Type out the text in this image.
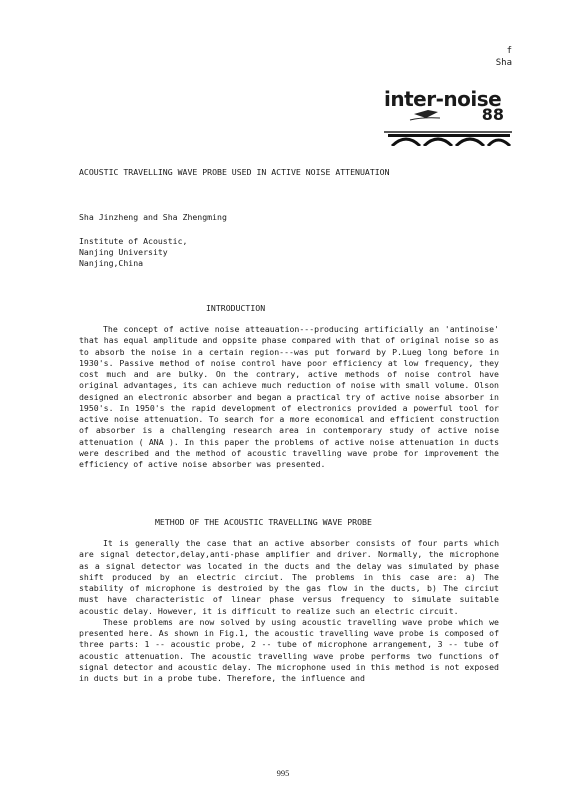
f
Sha
inter-noise
88
ACOUSTIC TRAVELLING WAVE PROBE USED IN ACTIVE NOISE ATTENUATION
Sha Jinzheng and Sha Zhengming
Institute of Acoustic,
Nanjing University
Nanjing,China
INTRODUCTION

The concept of active noise atteauation---producing artificially an 'antinoise' that has equal amplitude and oppsite phase compared with that of original noise so as to absorb the noise in a certain region---was put forward by P.Lueg long before in 1930's. Passive method of noise control have poor efficiency at low frequency, they cost much and are bulky. On the contrary, active methods of noise control have original advantages, its can achieve much reduction of noise with small volume. Olson designed an electronic absorber and began a practical try of active noise absorber in 1950's. In 1950's the rapid development of electronics provided a powerful tool for active noise attenuation. To search for a more economical and efficient construction of absorber is a challenging research area in contemporary study of active noise attenuation ( ANA ). In this paper the problems of active noise attenuation in ducts were described and the method of acoustic travelling wave probe for improvement the efficiency of active noise absorber was presented.

METHOD OF THE ACOUSTIC TRAVELLING WAVE PROBE

It is generally the case that an active absorber consists of four parts which are signal detector,delay,anti-phase amplifier and driver. Normally, the microphone as a signal detector was located in the ducts and the delay was simulated by phase shift produced by an electric circiut. The problems in this case are: a) The stability of microphone is destroied by the gas flow in the ducts, b) The circiut must have characteristic of linear phase versus frequency to simulate suitable acoustic delay. However, it is difficult to realize such an electric circuit.

These problems are now solved by using acoustic travelling wave probe which we presented here. As shown in Fig.1, the acoustic travelling wave probe is composed of three parts: 1 -- acoustic probe, 2 -- tube of microphone arrangement, 3 -- tube of acoustic attenuation. The acoustic travelling wave probe performs two functions of signal detector and acoustic delay. The microphone used in this method is not exposed in ducts but in a probe tube. Therefore, the influence and

995
